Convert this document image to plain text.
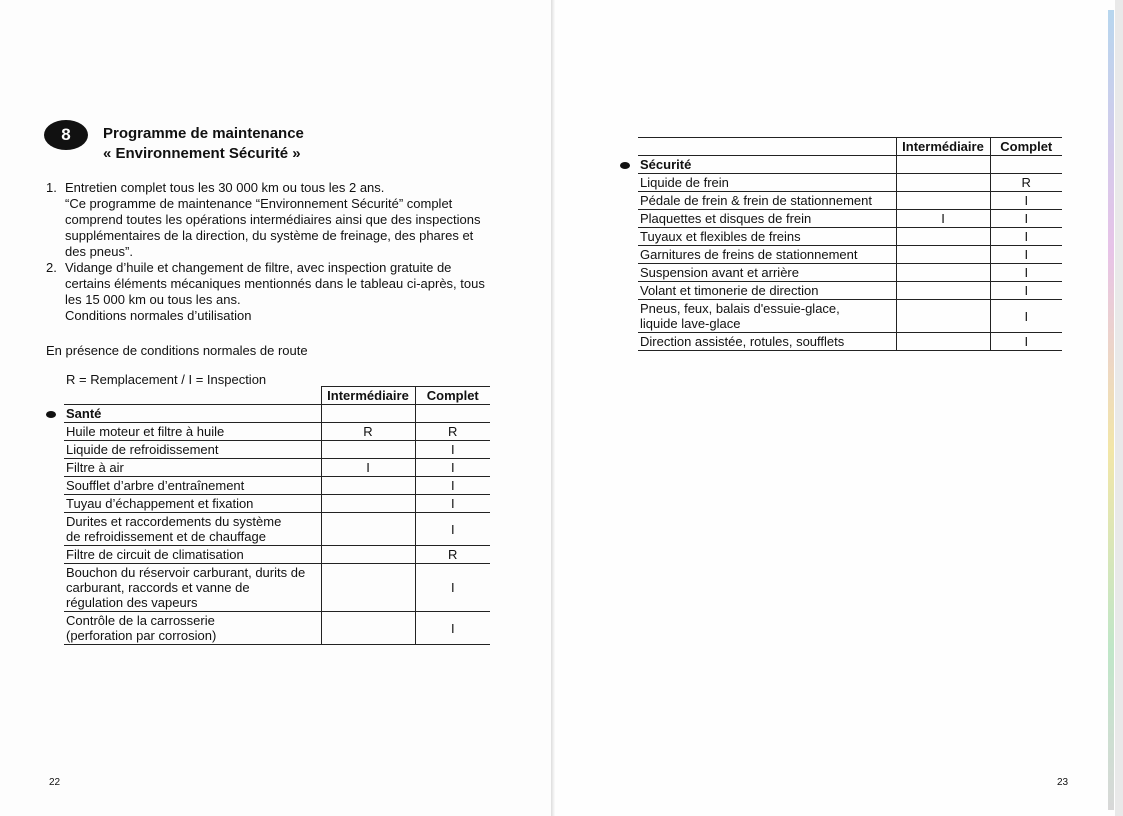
8	Programme de maintenance
« Environnement Sécurité »
1. Entretien complet tous les 30 000 km ou tous les 2 ans.

“Ce programme de maintenance “Environnement Sécurité” complet comprend toutes les opérations intermédiaires ainsi que des inspections supplémentaires de la direction, du système de freinage, des phares et des pneus”.

2. Vidange d’huile et changement de filtre, avec inspection gratuite de certains éléments mécaniques mentionnés dans le tableau ci-après, tous les 15 000 km ou tous les ans.

Conditions normales d’utilisation

En présence de conditions normales de route
R = Remplacement / I = Inspection
	Intermédiaire	Complet

Santé		

Huile moteur et filtre à huile	R	R

Liquide de refroidissement		I

Filtre à air	I	I

Soufflet d’arbre d’entraînement		I

Tuyau d’échappement et fixation		I

Durites et raccordements du système
de refroidissement et de chauffage		I

Filtre de circuit de climatisation		R

Bouchon du réservoir carburant, durits de
carburant, raccords et vanne de
régulation des vapeurs		I

Contrôle de la carrosserie
(perforation par corrosion)		I
22
	Intermédiaire	Complet

Sécurité		

Liquide de frein		R

Pédale de frein & frein de stationnement		I

Plaquettes et disques de frein	I	I

Tuyaux et flexibles de freins		I

Garnitures de freins de stationnement		I

Suspension avant et arrière		I

Volant et timonerie de direction		I

Pneus, feux, balais d'essuie-glace,
liquide lave-glace		I

Direction assistée, rotules, soufflets		I
23
